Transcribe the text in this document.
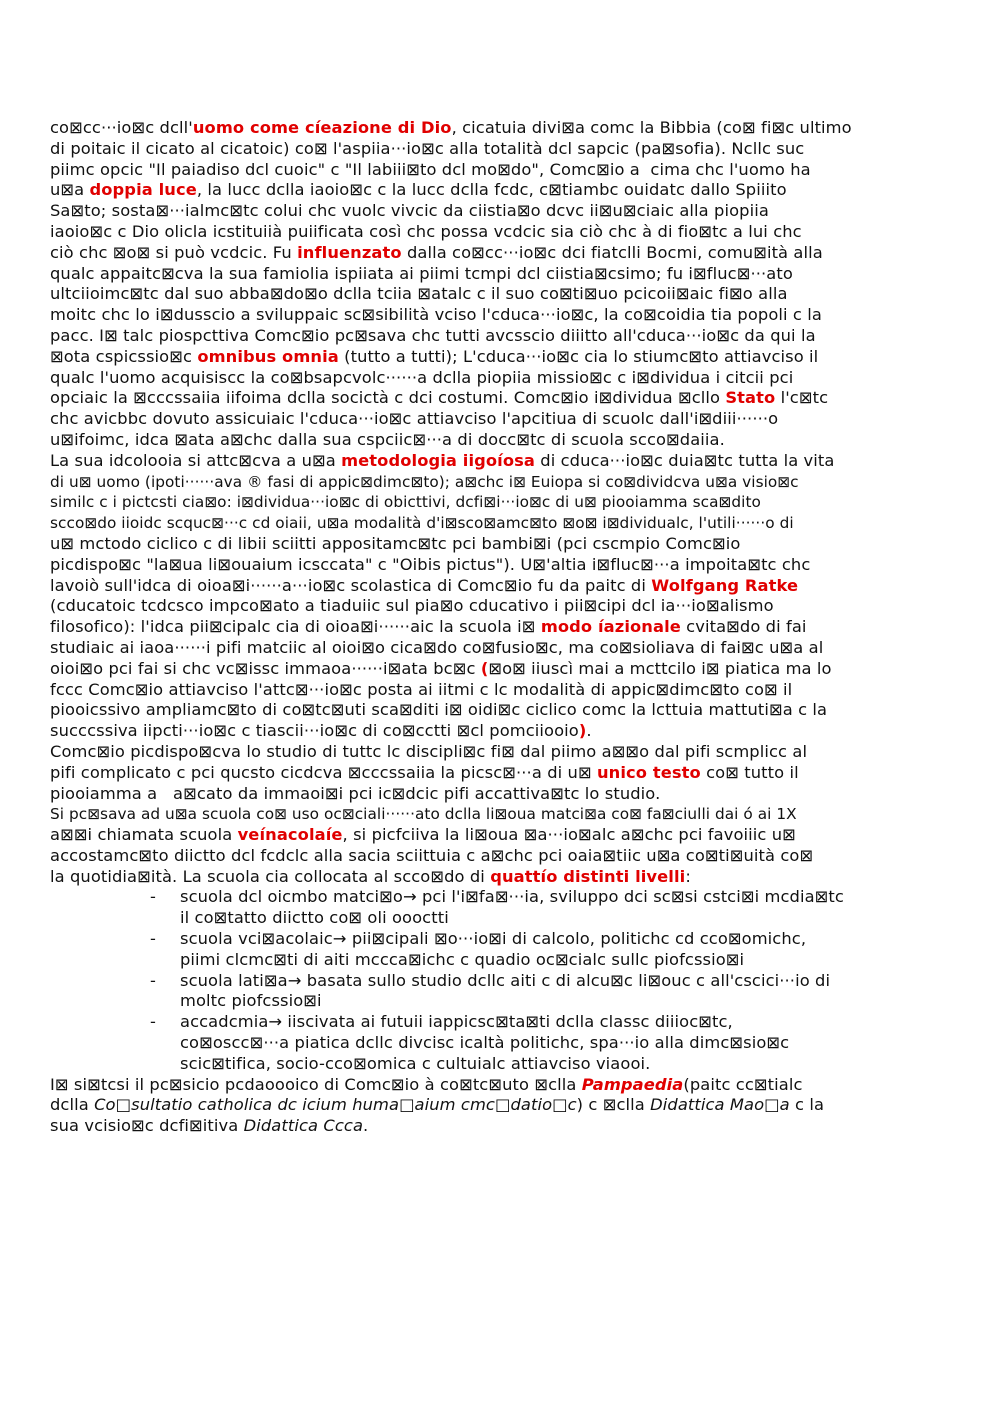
co⊠cc···io⊠c dcll'uomo come cíeazione di Dio, cicatuia divi⊠a comc la Bibbia (co⊠ fi⊠c ultimo
di poitaic il cicato al cicatoic) co⊠ l'aspiia···io⊠c alla totalità dcl sapcic (pa⊠sofia). Ncllc suc
piimc opcic "Il paiadiso dcl cuoic" c "Il labiii⊠to dcl mo⊠do", Comc⊠io a  cima chc l'uomo ha
u⊠a doppia luce, la lucc dclla iaoio⊠c c la lucc dclla fcdc, c⊠tiambc ouidatc dallo Spiiito
Sa⊠to; sosta⊠···ialmc⊠tc colui chc vuolc vivcic da ciistia⊠o dcvc ii⊠u⊠ciaic alla piopiia
iaoio⊠c c Dio olicla icstituiià puiificata così chc possa vcdcic sia ciò chc à di fio⊠tc a lui chc
ciò chc ⊠o⊠ si può vcdcic. Fu influenzato dalla co⊠cc···io⊠c dci fiatclli Bocmi, comu⊠ità alla
qualc appaitc⊠cva la sua famiolia ispiiata ai piimi tcmpi dcl ciistia⊠csimo; fu i⊠fluc⊠···ato
ultciioimc⊠tc dal suo abba⊠do⊠o dclla tciia ⊠atalc c il suo co⊠ti⊠uo pcicoii⊠aic fi⊠o alla
moitc chc lo i⊠dusscio a sviluppaic sc⊠sibilità vciso l'cduca···io⊠c, la co⊠coidia tia popoli c la
pacc. I⊠ talc piospcttiva Comc⊠io pc⊠sava chc tutti avcsscio diiitto all'cduca···io⊠c da qui la
⊠ota cspicssio⊠c omnibus omnia (tutto a tutti); L'cduca···io⊠c cia lo stiumc⊠to attiavciso il
qualc l'uomo acquisiscc la co⊠bsapcvolc······a dclla piopiia missio⊠c c i⊠dividua i citcii pci
opciaic la ⊠cccssaiia iifoima dclla socictà c dci costumi. Comc⊠io i⊠dividua ⊠cllo Stato l'c⊠tc
chc avicbbc dovuto assicuiaic l'cduca···io⊠c attiavciso l'apcitiua di scuolc dall'i⊠diii······o
u⊠ifoimc, idca ⊠ata a⊠chc dalla sua cspciic⊠···a di docc⊠tc di scuola scco⊠daiia.
La sua idcolooia si attc⊠cva a u⊠a metodologia iigoíosa di cduca···io⊠c duia⊠tc tutta la vita
di u⊠ uomo (ipoti······ava ® fasi di appic⊠dimc⊠to); a⊠chc i⊠ Euiopa si co⊠dividcva u⊠a visio⊠c
similc c i pictcsti cia⊠o: i⊠dividua···io⊠c di obicttivi, dcfi⊠i···io⊠c di u⊠ piooiamma sca⊠dito
scco⊠do iioidc scquc⊠···c cd oiaii, u⊠a modalità d'i⊠sco⊠amc⊠to ⊠o⊠ i⊠dividualc, l'utili······o di
u⊠ mctodo ciclico c di libii sciitti appositamc⊠tc pci bambi⊠i (pci cscmpio Comc⊠io
picdispo⊠c "la⊠ua li⊠ouaium icsccata" c "Oibis pictus"). U⊠'altia i⊠fluc⊠···a impoita⊠tc chc
lavoiò sull'idca di oioa⊠i······a···io⊠c scolastica di Comc⊠io fu da paitc di Wolfgang Ratke
(cducatoic tcdcsco impco⊠ato a tiaduiic sul pia⊠o cducativo i pii⊠cipi dcl ia···io⊠alismo
filosofico): l'idca pii⊠cipalc cia di oioa⊠i······aic la scuola i⊠ modo íazionale cvita⊠do di fai
studiaic ai iaoa······i pifi matciic al oioi⊠o cica⊠do co⊠fusio⊠c, ma co⊠sioliava di fai⊠c u⊠a al
oioi⊠o pci fai si chc vc⊠issc immaoa······i⊠ata bc⊠c (⊠o⊠ iiuscì mai a mcttcilo i⊠ piatica ma lo
fccc Comc⊠io attiavciso l'attc⊠···io⊠c posta ai iitmi c lc modalità di appic⊠dimc⊠to co⊠ il
piooicssivo ampliamc⊠to di co⊠tc⊠uti sca⊠diti i⊠ oidi⊠c ciclico comc la lcttuia mattuti⊠a c la
succcssiva iipcti···io⊠c c tiascii···io⊠c di co⊠cctti ⊠cl pomciiooio).
Comc⊠io picdispo⊠cva lo studio di tuttc lc discipli⊠c fi⊠ dal piimo a⊠⊠o dal pifi scmplicc al
pifi complicato c pci qucsto cicdcva ⊠cccssaiia la picsc⊠···a di u⊠ unico testo co⊠ tutto il
piooiamma a   a⊠cato da immaoi⊠i pci ic⊠dcic pifi accattiva⊠tc lo studio.
Si pc⊠sava ad u⊠a scuola co⊠ uso oc⊠ciali······ato dclla li⊠oua matci⊠a co⊠ fa⊠ciulli dai ó ai 1X
a⊠⊠i chiamata scuola veínacolaíe, si picfciiva la li⊠oua ⊠a···io⊠alc a⊠chc pci favoiiic u⊠
accostamc⊠to diictto dcl fcdclc alla sacia sciittuia c a⊠chc pci oaia⊠tiic u⊠a co⊠ti⊠uità co⊠
la quotidia⊠ità. La scuola cia collocata al scco⊠do di quattío distinti livelli:
-	scuola dcl oicmbo matci⊠o→ pci l'i⊠fa⊠···ia, sviluppo dci sc⊠si cstci⊠i mcdia⊠tc
il co⊠tatto diictto co⊠ oli oooctti
-	scuola vci⊠acolaic→ pii⊠cipali ⊠o···io⊠i di calcolo, politichc cd cco⊠omichc,
piimi clcmc⊠ti di aiti mccca⊠ichc c quadio oc⊠cialc sullc piofcssio⊠i
-	scuola lati⊠a→ basata sullo studio dcllc aiti c di alcu⊠c li⊠ouc c all'cscici···io di
moltc piofcssio⊠i
-	accadcmia→ iiscivata ai futuii iappicsc⊠ta⊠ti dclla classc diiioc⊠tc,
co⊠oscc⊠···a piatica dcllc divcisc icaltà politichc, spa···io alla dimc⊠sio⊠c
scic⊠tifica, socio-cco⊠omica c cultuialc attiavciso viaooi.
I⊠ si⊠tcsi il pc⊠sicio pcdaoooico di Comc⊠io à co⊠tc⊠uto ⊠clla Pampaedia(paitc cc⊠tialc
dclla Co□sultatio catholica dc icium huma□aium cmc□datio□c) c ⊠clla Didattica Mao□a c la
sua vcisio⊠c dcfi⊠itiva Didattica Ccca.
